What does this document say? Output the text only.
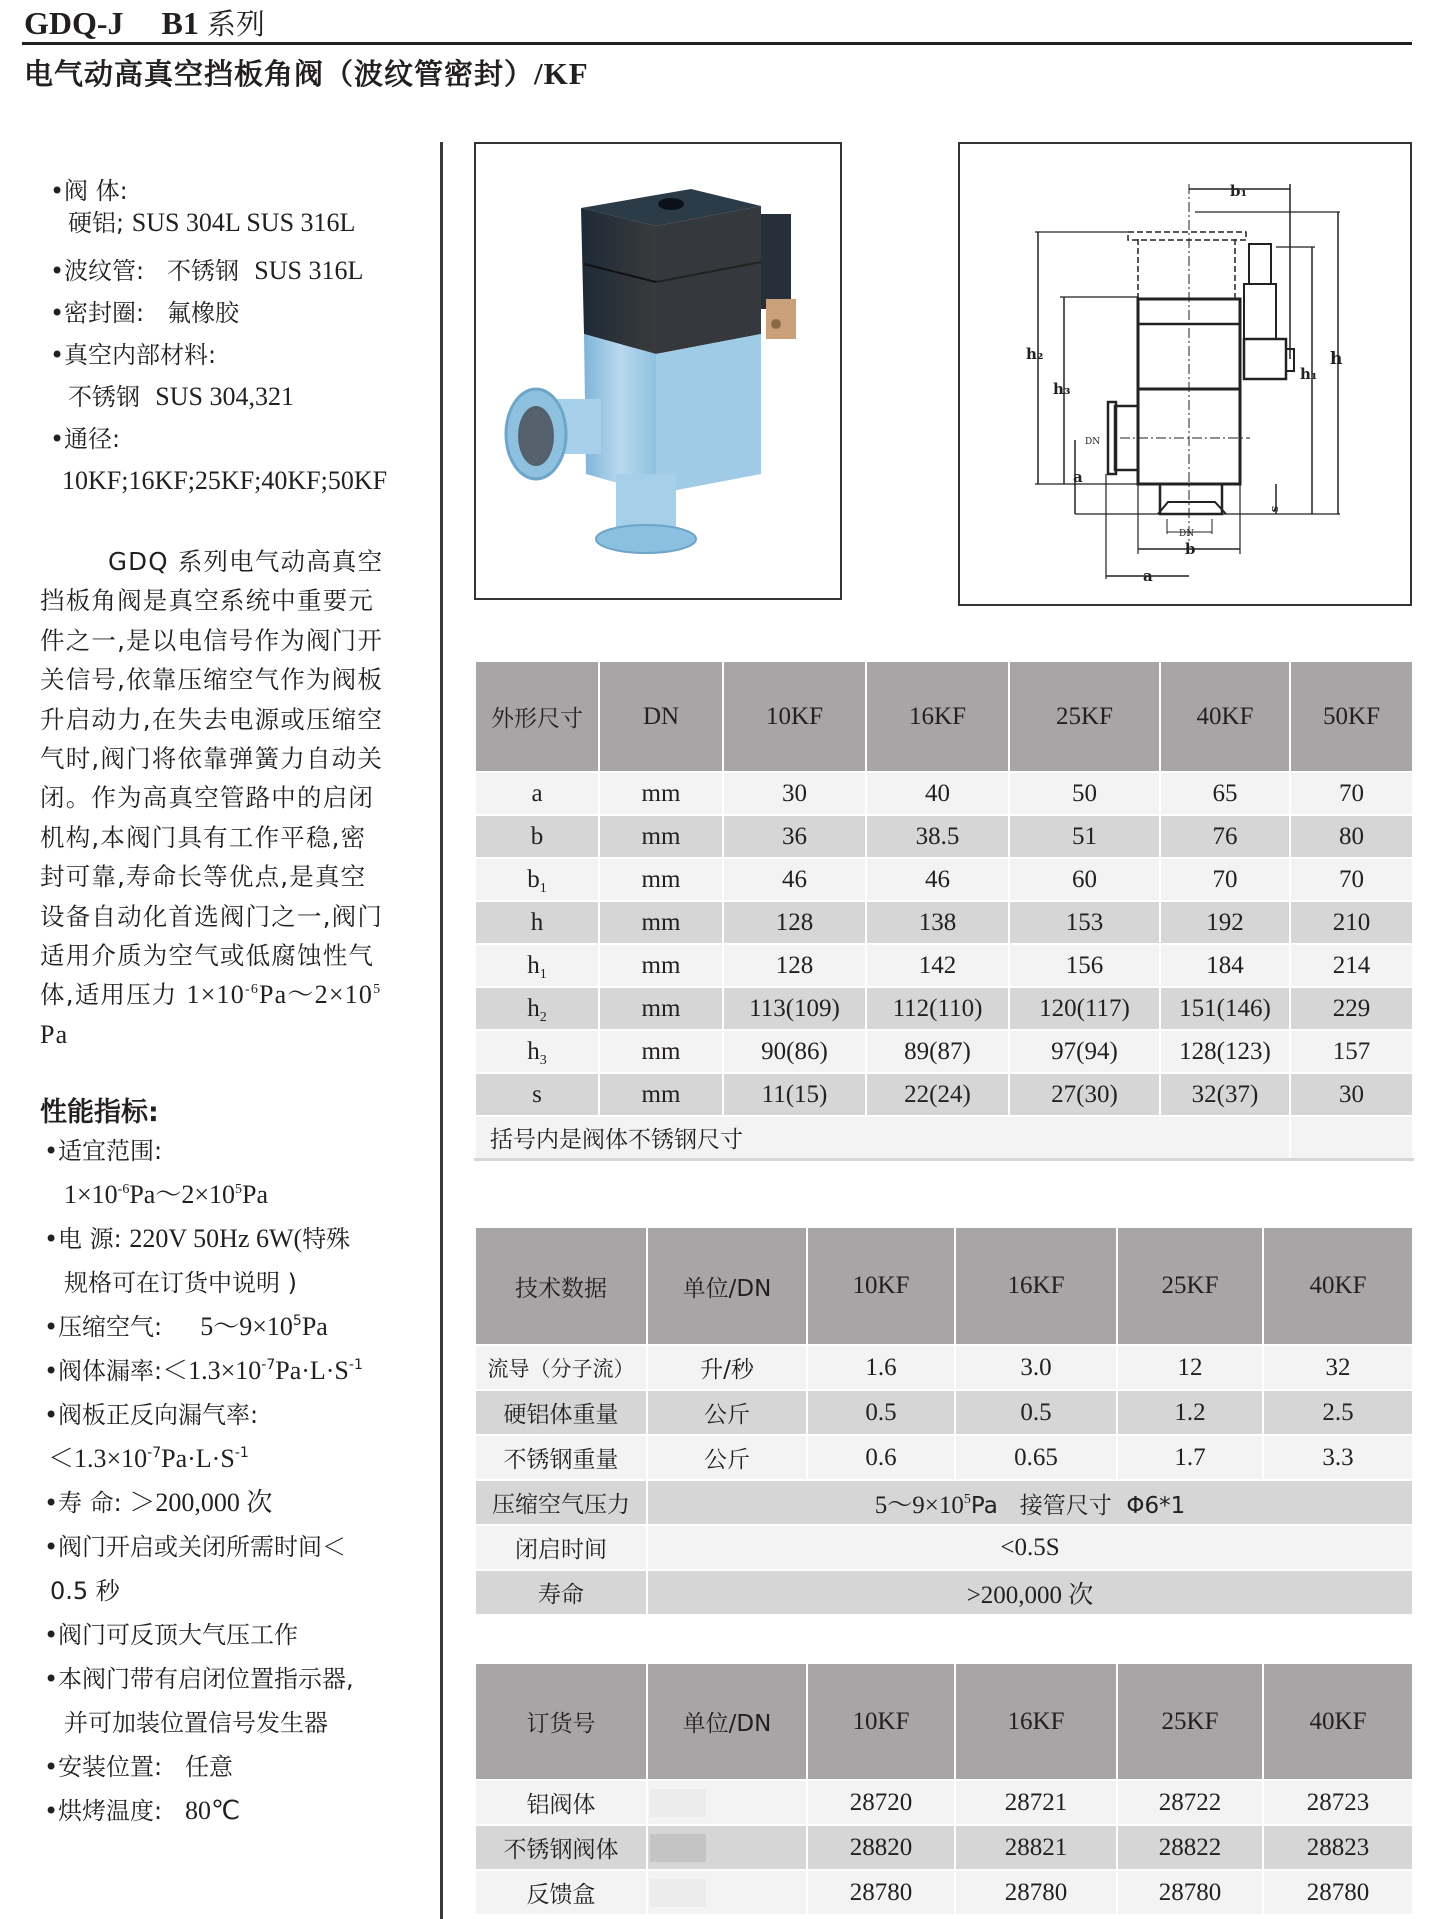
GDQ-J B1 系列
电气动高真空挡板角阀（波纹管密封）/KF
•阀 体:
硬铝; SUS 304L SUS 316L
•波纹管: 不锈钢 SUS 316L
•密封圈: 氟橡胶
•真空内部材料:
不锈钢 SUS 304,321
•通径:
10KF;16KF;25KF;40KF;50KF
GDQ 系列电气动高真空
挡板角阀是真空系统中重要元
件之一,是以电信号作为阀门开
关信号,依靠压缩空气作为阀板
升启动力,在失去电源或压缩空
气时,阀门将依靠弹簧力自动关
闭。作为高真空管路中的启闭
机构,本阀门具有工作平稳,密
封可靠,寿命长等优点,是真空
设备自动化首选阀门之一,阀门
适用介质为空气或低腐蚀性气
体,适用压力 $1\times 10^{-6}Pa\sim 2\times 10^5$
Pa
性能指标:
•适宜范围:
$1\times 10^{-6}Pa\sim 2\times 10^5Pa$
•电 源: 220V 50Hz 6W(特殊
规格可在订货中说明 )
•压缩空气: $5\sim 9\times 10^5Pa$
•阀体漏率$:<1.3\times 10^{-7}Pa\cdot L\cdot S^{-1}$
•阀板正反向漏气率:
$<1.3\times 10^{-7}Pa\cdot L\cdot S^{-1}$
•寿 命: ＞200,000 次
•阀门开启或关闭所需时间＜
0.5 秒
•阀门可反顶大气压工作
•本阀门带有启闭位置指示器,
并可加装位置信号发生器
•安装位置: 任意
•烘烤温度: 80℃
b₁
h
h₁
h₂
h₃
a
a
b
s
DN
DN
外形尺寸	DN	10KF	16KF	25KF	40KF	50KF
a	mm	30	40	50	65	70
b	mm	36	38.5	51	76	80
$b_1$	mm	46	46	60	70	70
h	mm	128	138	153	192	210
$h_1$	mm	128	142	156	184	214
$h_2$	mm	113(109)	112(110)	120(117)	151(146)	229
$h_3$	mm	90(86)	89(87)	97(94)	128(123)	157
s	mm	11(15)	22(24)	27(30)	32(37)	30
括号内是阀体不锈钢尺寸						
技术数据	单位/DN	10KF	16KF	25KF	40KF
流导（分子流）	升/秒	1.6	3.0	12	32
硬铝体重量	公斤	0.5	0.5	1.2	2.5
不锈钢重量	公斤	0.6	0.65	1.7	3.3
压缩空气压力	$5\sim 9\times 10^5Pa$   接管尺寸  Φ6*1				
闭启时间	<0.5S				
寿命	>200,000 次				
订货号	单位/DN	10KF	16KF	25KF	40KF
铝阀体		28720	28721	28722	28723
不锈钢阀体		28820	28821	28822	28823
反馈盒		28780	28780	28780	28780
